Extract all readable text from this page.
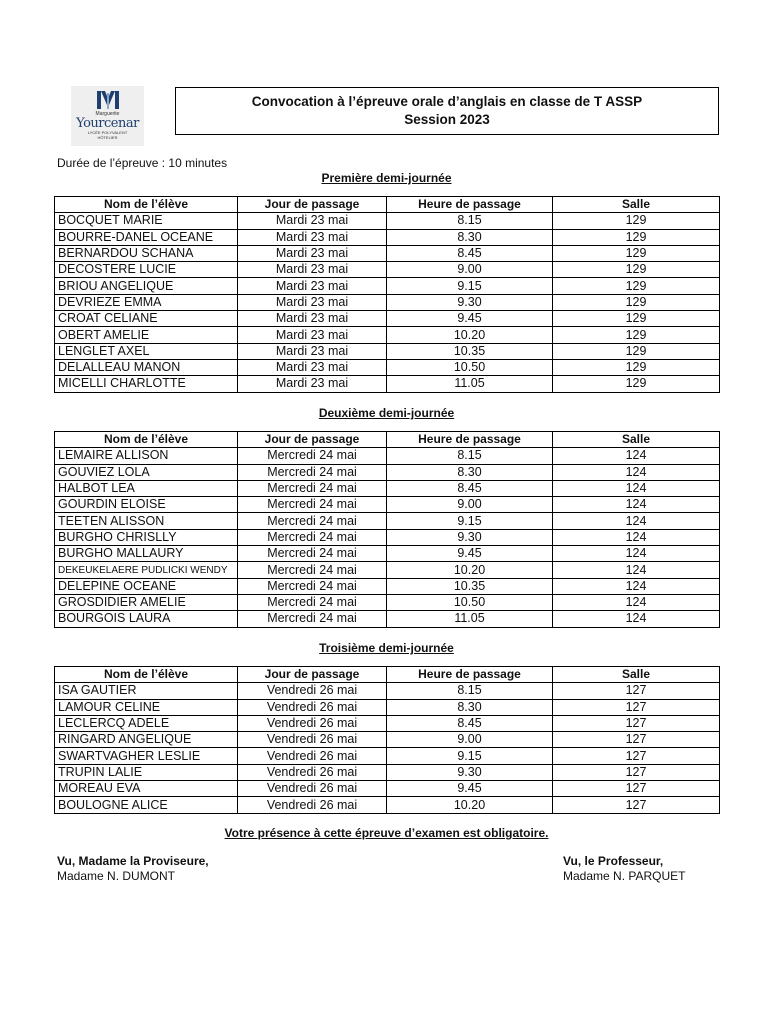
Marguerite
Yourcenar
LYCÉE POLYVALENT
HÔTELIER
Convocation à l’épreuve orale d’anglais en classe de T ASSP
Session 2023
Durée de l’épreuve : 10 minutes
Première demi-journée
Nom de l’élève	Jour de passage	Heure de passage	Salle
BOCQUET MARIE	Mardi 23 mai	8.15	129
BOURRE-DANEL OCEANE	Mardi 23 mai	8.30	129
BERNARDOU SCHANA	Mardi 23 mai	8.45	129
DECOSTERE LUCIE	Mardi 23 mai	9.00	129
BRIOU ANGELIQUE	Mardi 23 mai	9.15	129
DEVRIEZE EMMA	Mardi 23 mai	9.30	129
CROAT CELIANE	Mardi 23 mai	9.45	129
OBERT AMELIE	Mardi 23 mai	10.20	129
LENGLET AXEL	Mardi 23 mai	10.35	129
DELALLEAU MANON	Mardi 23 mai	10.50	129
MICELLI CHARLOTTE	Mardi 23 mai	11.05	129
Deuxième demi-journée
Nom de l’élève	Jour de passage	Heure de passage	Salle
LEMAIRE ALLISON	Mercredi 24 mai	8.15	124
GOUVIEZ LOLA	Mercredi 24 mai	8.30	124
HALBOT LEA	Mercredi 24 mai	8.45	124
GOURDIN ELOISE	Mercredi 24 mai	9.00	124
TEETEN ALISSON	Mercredi 24 mai	9.15	124
BURGHO CHRISLLY	Mercredi 24 mai	9.30	124
BURGHO MALLAURY	Mercredi 24 mai	9.45	124
DEKEUKELAERE PUDLICKI WENDY	Mercredi 24 mai	10.20	124
DELEPINE OCEANE	Mercredi 24 mai	10.35	124
GROSDIDIER AMELIE	Mercredi 24 mai	10.50	124
BOURGOIS LAURA	Mercredi 24 mai	11.05	124
Troisième demi-journée
Nom de l’élève	Jour de passage	Heure de passage	Salle
ISA GAUTIER	Vendredi 26 mai	8.15	127
LAMOUR CELINE	Vendredi 26 mai	8.30	127
LECLERCQ ADELE	Vendredi 26 mai	8.45	127
RINGARD ANGELIQUE	Vendredi 26 mai	9.00	127
SWARTVAGHER LESLIE	Vendredi 26 mai	9.15	127
TRUPIN LALIE	Vendredi 26 mai	9.30	127
MOREAU EVA	Vendredi 26 mai	9.45	127
BOULOGNE ALICE	Vendredi 26 mai	10.20	127
Votre présence à cette épreuve d’examen est obligatoire.
Vu, Madame la Proviseure,
Madame N. DUMONT
Vu, le Professeur,
Madame N. PARQUET
